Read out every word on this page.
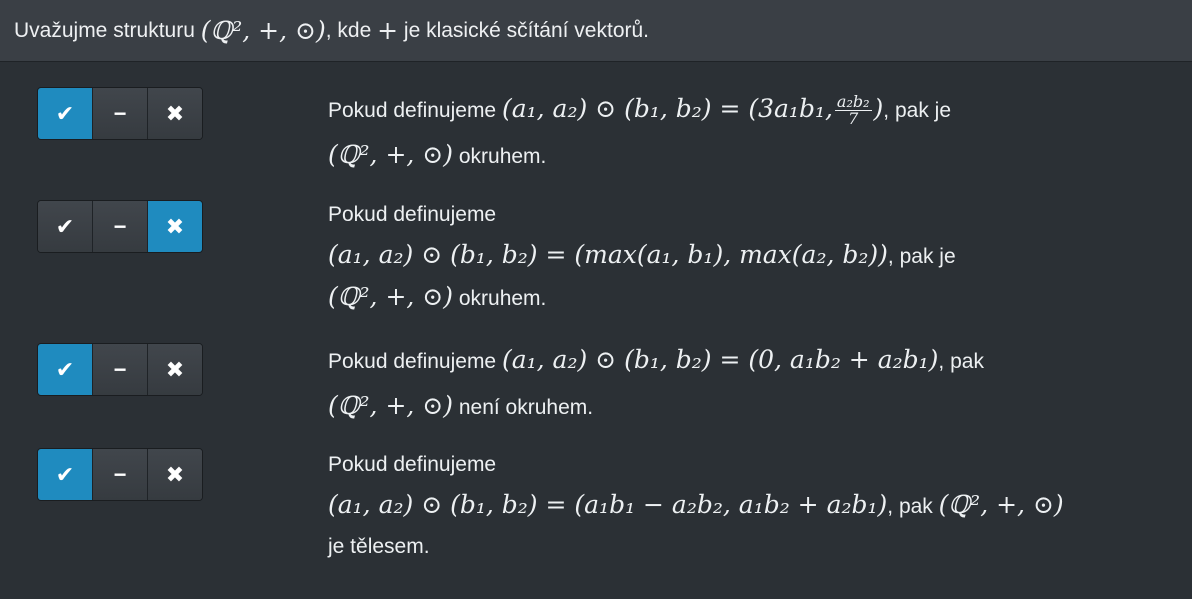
Uvažujme strukturu
(ℚ², +, ⊙) , kde
+
je klasické sčítání vektorů.
✔ − ✖	Pokud definujeme (a₁, a₂) ⊙ (b₁, b₂) = (3a₁b₁, $\frac{\text{a₂b₂}}{7}$ ), pak je
(ℚ², +, ⊙) okruhem.
✔ − ✖	Pokud definujeme
(a₁, a₂) ⊙ (b₁, b₂) = (max(a₁, b₁), max(a₂, b₂)), pak je
(ℚ², +, ⊙) okruhem.
✔ − ✖	Pokud definujeme (a₁, a₂) ⊙ (b₁, b₂) = (0, a₁b₂ + a₂b₁), pak
(ℚ², +, ⊙) není okruhem.
✔ − ✖	Pokud definujeme
(a₁, a₂) ⊙ (b₁, b₂) = (a₁b₁ − a₂b₂, a₁b₂ + a₂b₁), pak (ℚ², +, ⊙)
je tělesem.
